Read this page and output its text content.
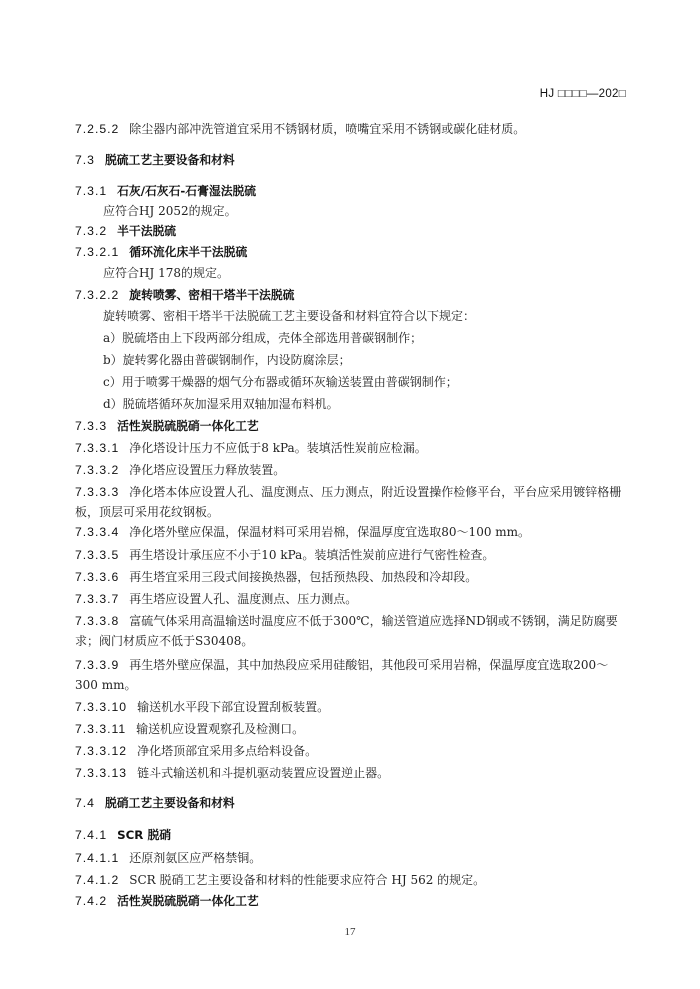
HJ □□□□—202□
7.2.5.2 除尘器内部冲洗管道宜采用不锈钢材质，喷嘴宜采用不锈钢或碳化硅材质。
7.3 脱硫工艺主要设备和材料
7.3.1 石灰/石灰石-石膏湿法脱硫
应符合HJ 2052的规定。
7.3.2 半干法脱硫
7.3.2.1 循环流化床半干法脱硫
应符合HJ 178的规定。
7.3.2.2 旋转喷雾、密相干塔半干法脱硫
旋转喷雾、密相干塔半干法脱硫工艺主要设备和材料宜符合以下规定：
a）脱硫塔由上下段两部分组成，壳体全部选用普碳钢制作；
b）旋转雾化器由普碳钢制作，内设防腐涂层；
c）用于喷雾干燥器的烟气分布器或循环灰输送装置由普碳钢制作；
d）脱硫塔循环灰加湿采用双轴加湿布料机。
7.3.3 活性炭脱硫脱硝一体化工艺
7.3.3.1 净化塔设计压力不应低于8 kPa。装填活性炭前应检漏。
7.3.3.2 净化塔应设置压力释放装置。
7.3.3.3 净化塔本体应设置人孔、温度测点、压力测点，附近设置操作检修平台，平台应采用镀锌格栅板，顶层可采用花纹钢板。
7.3.3.4 净化塔外壁应保温，保温材料可采用岩棉，保温厚度宜选取80～100 mm。
7.3.3.5 再生塔设计承压应不小于10 kPa。装填活性炭前应进行气密性检查。
7.3.3.6 再生塔宜采用三段式间接换热器，包括预热段、加热段和冷却段。
7.3.3.7 再生塔应设置人孔、温度测点、压力测点。
7.3.3.8 富硫气体采用高温输送时温度应不低于300℃，输送管道应选择ND钢或不锈钢，满足防腐要求；阀门材质应不低于S30408。
7.3.3.9 再生塔外壁应保温，其中加热段应采用硅酸铝，其他段可采用岩棉，保温厚度宜选取200～300 mm。
7.3.3.10 输送机水平段下部宜设置刮板装置。
7.3.3.11 输送机应设置观察孔及检测口。
7.3.3.12 净化塔顶部宜采用多点给料设备。
7.3.3.13 链斗式输送机和斗提机驱动装置应设置逆止器。
7.4 脱硝工艺主要设备和材料
7.4.1 SCR 脱硝
7.4.1.1 还原剂氨区应严格禁铜。
7.4.1.2 SCR 脱硝工艺主要设备和材料的性能要求应符合 HJ 562 的规定。
7.4.2 活性炭脱硫脱硝一体化工艺
17
